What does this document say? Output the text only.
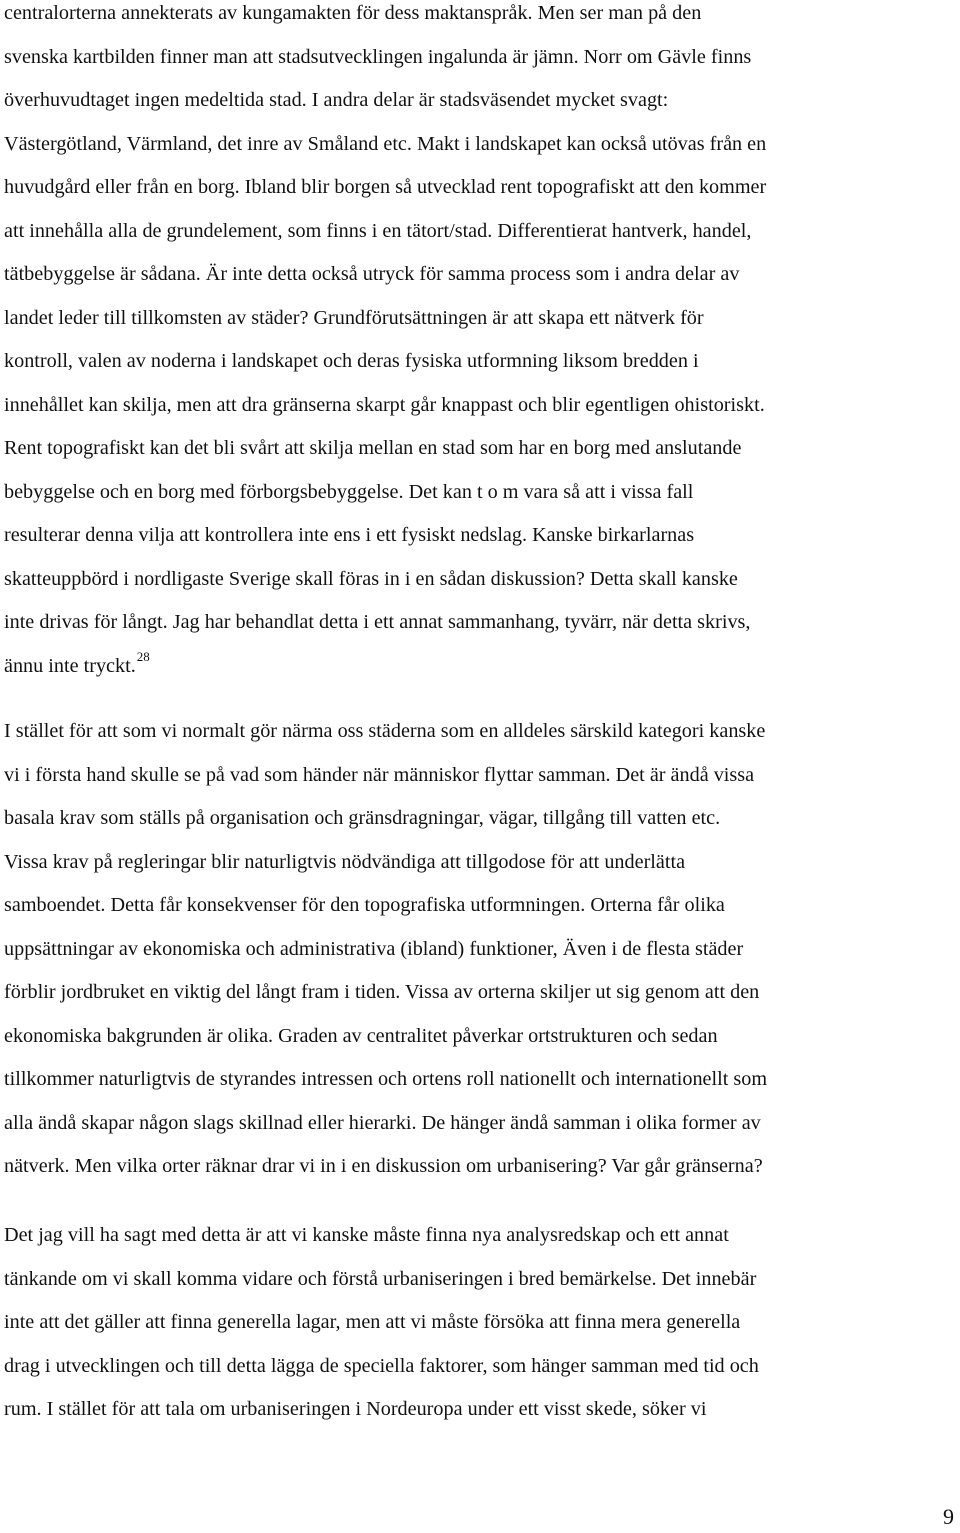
centralorterna annekterats av kungamakten för dess maktanspråk. Men ser man på den
svenska kartbilden finner man att stadsutvecklingen ingalunda är jämn. Norr om Gävle finns
överhuvudtaget ingen medeltida stad. I andra delar är stadsväsendet mycket svagt:
Västergötland, Värmland, det inre av Småland etc. Makt i landskapet kan också utövas från en
huvudgård eller från en borg. Ibland blir borgen så utvecklad rent topografiskt att den kommer
att innehålla alla de grundelement, som finns i en tätort/stad. Differentierat hantverk, handel,
tätbebyggelse är sådana. Är inte detta också utryck för samma process som i andra delar av
landet leder till tillkomsten av städer? Grundförutsättningen är att skapa ett nätverk för
kontroll, valen av noderna i landskapet och deras fysiska utformning liksom bredden i
innehållet kan skilja, men att dra gränserna skarpt går knappast och blir egentligen ohistoriskt.
Rent topografiskt kan det bli svårt att skilja mellan en stad som har en borg med anslutande
bebyggelse och en borg med förborgsbebyggelse. Det kan t o m vara så att i vissa fall
resulterar denna vilja att kontrollera inte ens i ett fysiskt nedslag. Kanske birkarlarnas
skatteuppbörd i nordligaste Sverige skall föras in i en sådan diskussion? Detta skall kanske
inte drivas för långt. Jag har behandlat detta i ett annat sammanhang, tyvärr, när detta skrivs,
ännu inte tryckt.$^{28}$
I stället för att som vi normalt gör närma oss städerna som en alldeles särskild kategori kanske
vi i första hand skulle se på vad som händer när människor flyttar samman. Det är ändå vissa
basala krav som ställs på organisation och gränsdragningar, vägar, tillgång till vatten etc.
Vissa krav på regleringar blir naturligtvis nödvändiga att tillgodose för att underlätta
samboendet. Detta får konsekvenser för den topografiska utformningen. Orterna får olika
uppsättningar av ekonomiska och administrativa (ibland) funktioner, Även i de flesta städer
förblir jordbruket en viktig del långt fram i tiden. Vissa av orterna skiljer ut sig genom att den
ekonomiska bakgrunden är olika. Graden av centralitet påverkar ortstrukturen och sedan
tillkommer naturligtvis de styrandes intressen och ortens roll nationellt och internationellt som
alla ändå skapar någon slags skillnad eller hierarki. De hänger ändå samman i olika former av
nätverk. Men vilka orter räknar drar vi in i en diskussion om urbanisering? Var går gränserna?
Det jag vill ha sagt med detta är att vi kanske måste finna nya analysredskap och ett annat
tänkande om vi skall komma vidare och förstå urbaniseringen i bred bemärkelse. Det innebär
inte att det gäller att finna generella lagar, men att vi måste försöka att finna mera generella
drag i utvecklingen och till detta lägga de speciella faktorer, som hänger samman med tid och
rum. I stället för att tala om urbaniseringen i Nordeuropa under ett visst skede, söker vi
9
